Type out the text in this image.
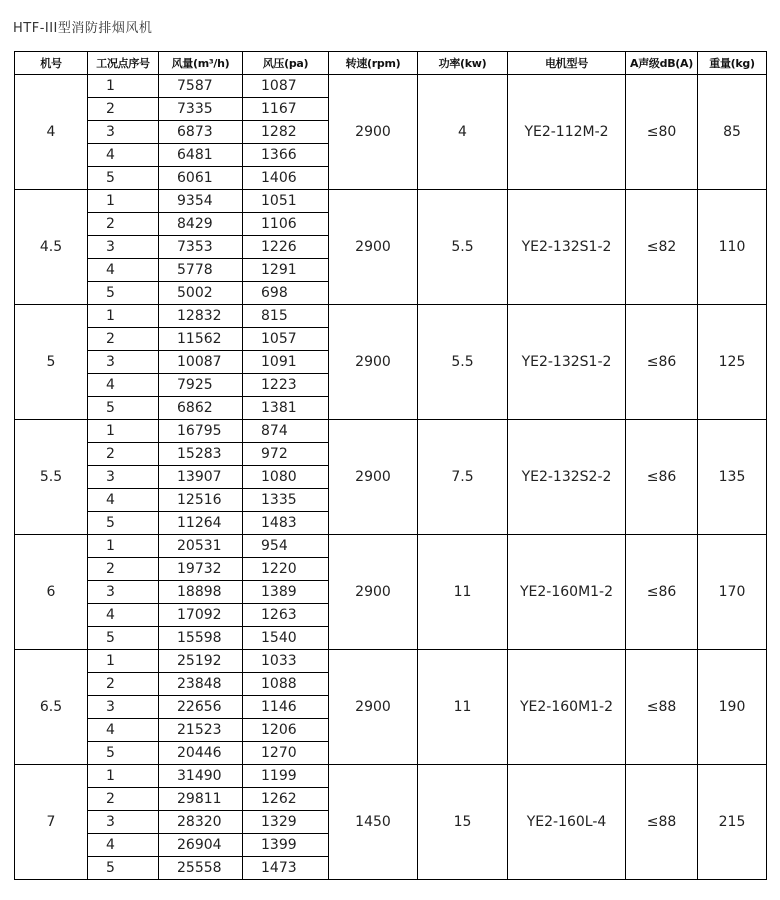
HTF-III型消防排烟风机
机号	工况点序号	风量(m³/h)	风压(pa)	转速(rpm)	功率(kw)	电机型号	A声级dB(A)	重量(kg)
4	1	7587	1087	2900	4	YE2-112M-2	≤80	85
	2	7335	1167					
	3	6873	1282					
	4	6481	1366					
	5	6061	1406					
4.5	1	9354	1051	2900	5.5	YE2-132S1-2	≤82	110
	2	8429	1106					
	3	7353	1226					
	4	5778	1291					
	5	5002	698					
5	1	12832	815	2900	5.5	YE2-132S1-2	≤86	125
	2	11562	1057					
	3	10087	1091					
	4	7925	1223					
	5	6862	1381					
5.5	1	16795	874	2900	7.5	YE2-132S2-2	≤86	135
	2	15283	972					
	3	13907	1080					
	4	12516	1335					
	5	11264	1483					
6	1	20531	954	2900	11	YE2-160M1-2	≤86	170
	2	19732	1220					
	3	18898	1389					
	4	17092	1263					
	5	15598	1540					
6.5	1	25192	1033	2900	11	YE2-160M1-2	≤88	190
	2	23848	1088					
	3	22656	1146					
	4	21523	1206					
	5	20446	1270					
7	1	31490	1199	1450	15	YE2-160L-4	≤88	215
	2	29811	1262					
	3	28320	1329					
	4	26904	1399					
	5	25558	1473					
